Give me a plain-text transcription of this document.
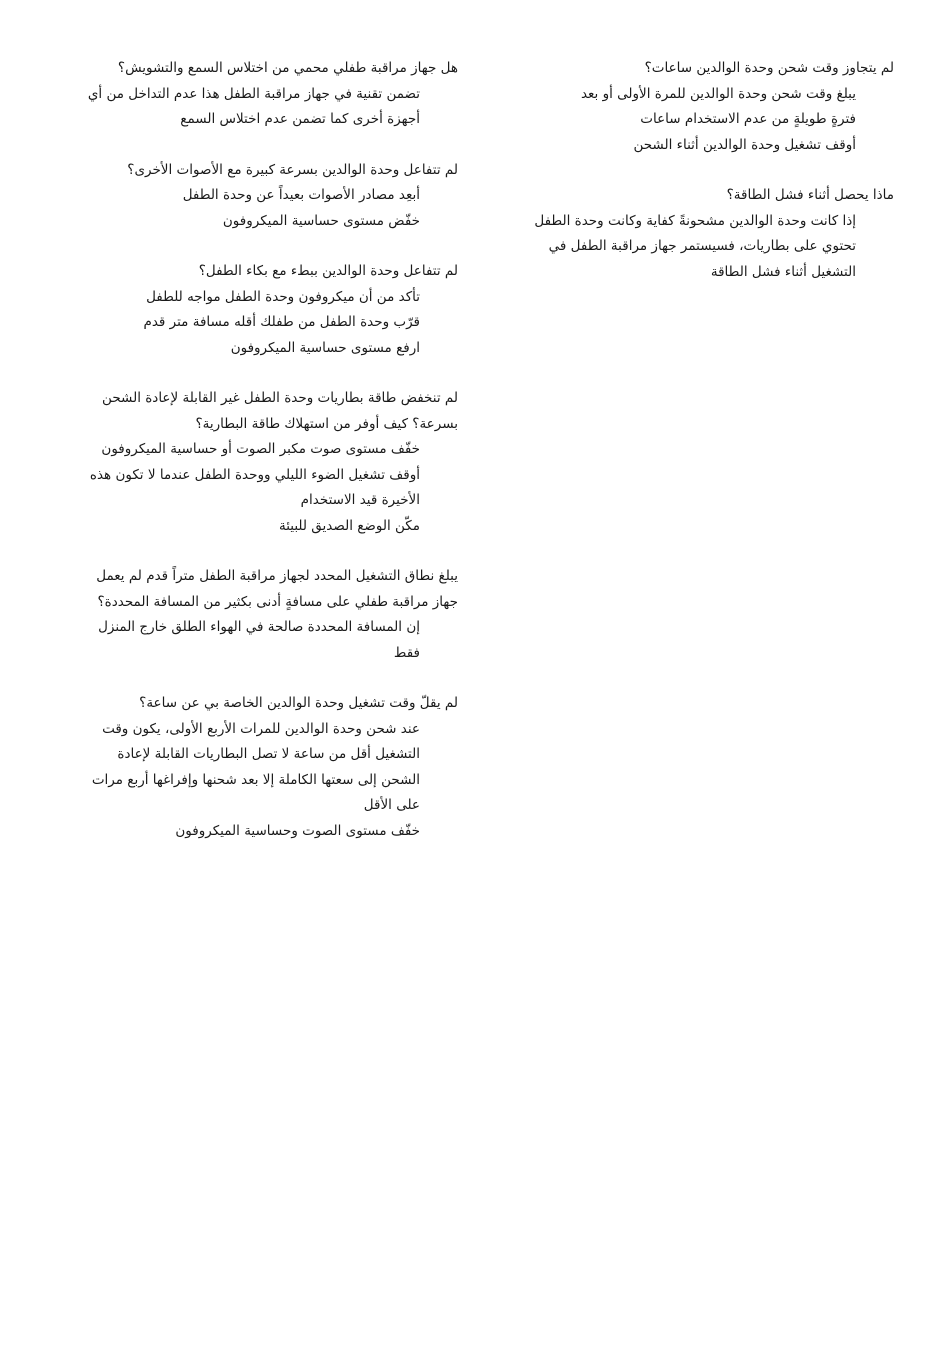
لم يتجاوز وقت شحن وحدة الوالدين ساعات؟

يبلغ وقت شحن وحدة الوالدين للمرة الأولى أو بعد
فترةٍ طويلةٍ من عدم الاستخدام ساعات
أوقف تشغيل وحدة الوالدين أثناء الشحن

ماذا يحصل أثناء فشل الطاقة؟

إذا كانت وحدة الوالدين مشحونةً كفاية وكانت وحدة الطفل تحتوي على بطاريات، فسيستمر جهاز مراقبة الطفل في التشغيل أثناء فشل الطاقة

هل جهاز مراقبة طفلي محمي من اختلاس السمع والتشويش؟

تضمن تقنية في جهاز مراقبة الطفل هذا عدم التداخل من أي أجهزة أخرى كما تضمن عدم اختلاس السمع

لم تتفاعل وحدة الوالدين بسرعة كبيرة مع الأصوات الأخرى؟

أبعِد مصادر الأصوات بعيداً عن وحدة الطفل
خفّض مستوى حساسية الميكروفون

لم تتفاعل وحدة الوالدين ببطء مع بكاء الطفل؟

تأكد من أن ميكروفون وحدة الطفل مواجه للطفل
قرّب وحدة الطفل من طفلك أقله مسافة متر قدم
ارفع مستوى حساسية الميكروفون

لم تنخفض طاقة بطاريات وحدة الطفل غير القابلة لإعادة الشحن بسرعة؟ كيف أوفر من استهلاك طاقة البطارية؟

خفّف مستوى صوت مكبر الصوت أو حساسية الميكروفون
أوقف تشغيل الضوء الليلي ووحدة الطفل عندما لا تكون هذه الأخيرة قيد الاستخدام
مكّن الوضع الصديق للبيئة

يبلغ نطاق التشغيل المحدد لجهاز مراقبة الطفل متراً قدم لم يعمل جهاز مراقبة طفلي على مسافةٍ أدنى بكثير من المسافة المحددة؟

إن المسافة المحددة صالحة في الهواء الطلق خارج المنزل فقط

لم يقلّ وقت تشغيل وحدة الوالدين الخاصة بي عن ساعة؟

عند شحن وحدة الوالدين للمرات الأربع الأولى، يكون وقت التشغيل أقل من ساعة لا تصل البطاريات القابلة لإعادة الشحن إلى سعتها الكاملة إلا بعد شحنها وإفراغها أربع مرات على الأقل
خفّف مستوى الصوت وحساسية الميكروفون
